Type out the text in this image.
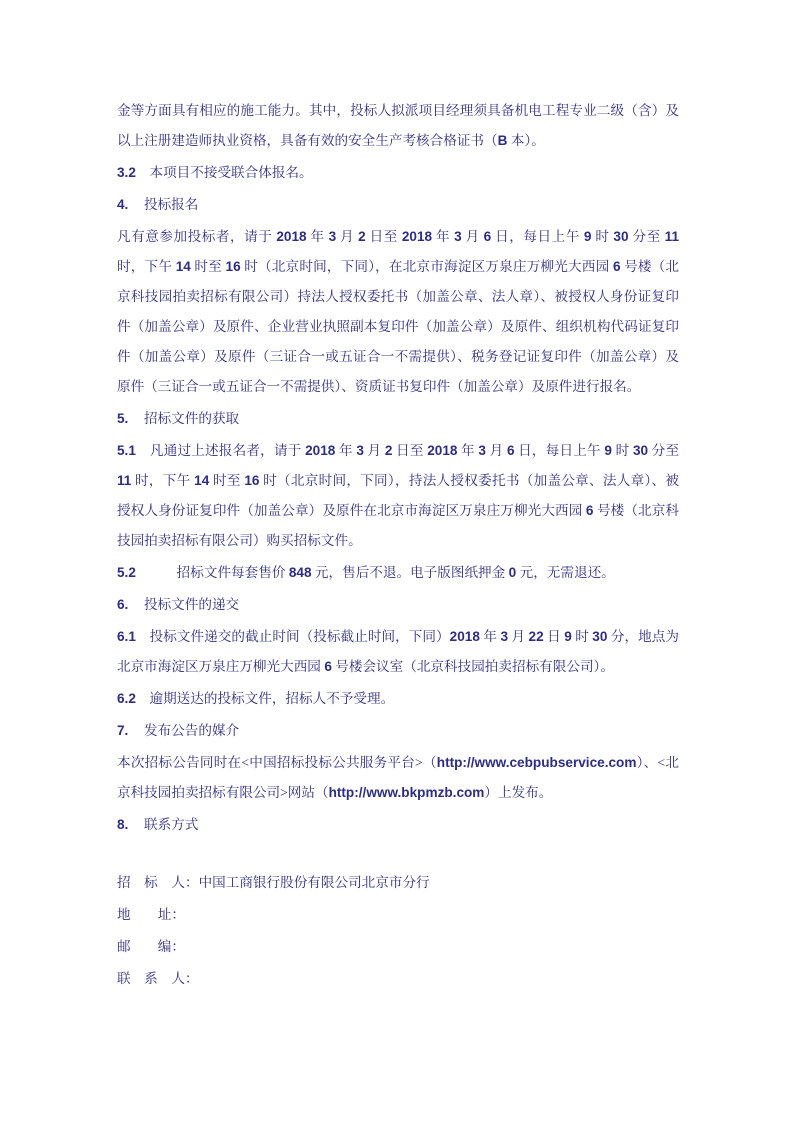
金等方面具有相应的施工能力。其中，投标人拟派项目经理须具备机电工程专业二级（含）及以上注册建造师执业资格，具备有效的安全生产考核合格证书（B 本）。

3.2　本项目不接受联合体报名。

4.	投标报名

凡有意参加投标者，请于 2018 年 3 月 2 日至 2018 年 3 月 6 日，每日上午 9 时 30 分至 11 时，下午 14 时至 16 时（北京时间，下同），在北京市海淀区万泉庄万柳光大西园 6 号楼（北京科技园拍卖招标有限公司）持法人授权委托书（加盖公章、法人章）、被授权人身份证复印件（加盖公章）及原件、企业营业执照副本复印件（加盖公章）及原件、组织机构代码证复印件（加盖公章）及原件（三证合一或五证合一不需提供）、税务登记证复印件（加盖公章）及原件（三证合一或五证合一不需提供）、资质证书复印件（加盖公章）及原件进行报名。

5.	招标文件的获取

5.1　凡通过上述报名者，请于 2018 年 3 月 2 日至 2018 年 3 月 6 日，每日上午 9 时 30 分至 11 时，下午 14 时至 16 时（北京时间，下同），持法人授权委托书（加盖公章、法人章）、被授权人身份证复印件（加盖公章）及原件在北京市海淀区万泉庄万柳光大西园 6 号楼（北京科技园拍卖招标有限公司）购买招标文件。

5.2　　　招标文件每套售价 848 元，售后不退。电子版图纸押金 0 元，无需退还。

6.	投标文件的递交

6.1　投标文件递交的截止时间（投标截止时间，下同）2018 年 3 月 22 日 9 时 30 分，地点为北京市海淀区万泉庄万柳光大西园 6 号楼会议室（北京科技园拍卖招标有限公司）。

6.2　逾期送达的投标文件，招标人不予受理。

7.	发布公告的媒介

本次招标公告同时在<中国招标投标公共服务平台>（http://www.cebpubservice.com）、<北京科技园拍卖招标有限公司>网站（http://www.bkpmzb.com）上发布。

8.	联系方式

招　标　人：中国工商银行股份有限公司北京市分行

地　　址：

邮　　编：

联　系　人：
